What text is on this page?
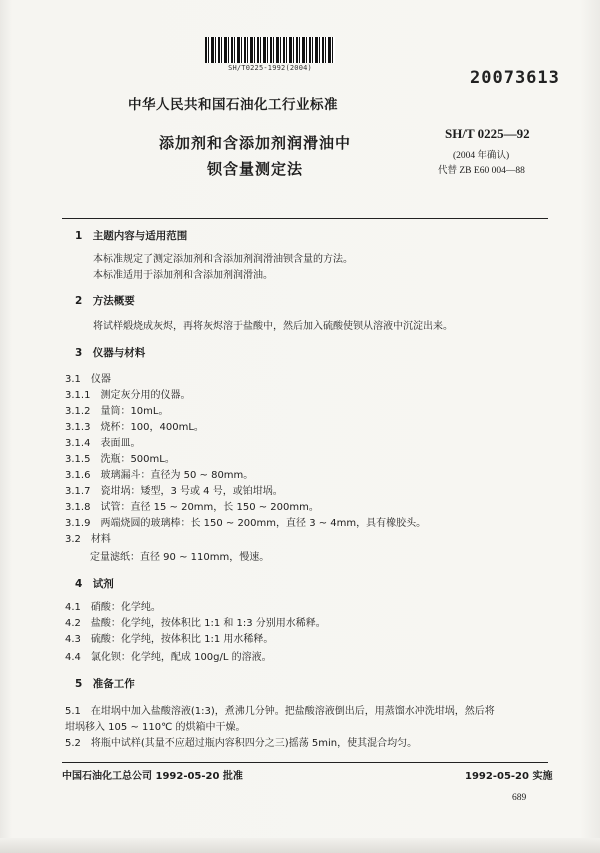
SH/T0225-1992(2004)	20073613
中华人民共和国石油化工行业标准
添加剂和含添加剂润滑油中
钡含量测定法
SH/T 0225—92
(2004 年确认)
代替 ZB E60 004—88
1　主题内容与适用范围
本标准规定了测定添加剂和含添加剂润滑油钡含量的方法。
本标准适用于添加剂和含添加剂润滑油。
2　方法概要
将试样煅烧成灰烬，再将灰烬溶于盐酸中，然后加入硫酸使钡从溶液中沉淀出来。
3　仪器与材料
3.1　仪器
3.1.1　测定灰分用的仪器。
3.1.2　量筒：10mL。
3.1.3　烧杯：100，400mL。
3.1.4　表面皿。
3.1.5　洗瓶：500mL。
3.1.6　玻璃漏斗：直径为 50 ~ 80mm。
3.1.7　瓷坩埚：矮型，3 号或 4 号，或铂坩埚。
3.1.8　试管：直径 15 ~ 20mm，长 150 ~ 200mm。
3.1.9　两端烧圆的玻璃棒：长 150 ~ 200mm，直径 3 ~ 4mm，具有橡胶头。
3.2　材料
定量滤纸：直径 90 ~ 110mm，慢速。
4　试剂
4.1　硝酸：化学纯。
4.2　盐酸：化学纯，按体积比 1:1 和 1:3 分别用水稀释。
4.3　硫酸：化学纯，按体积比 1:1 用水稀释。
4.4　氯化钡：化学纯，配成 100g/L 的溶液。
5　准备工作
5.1　在坩埚中加入盐酸溶液(1:3)，煮沸几分钟。把盐酸溶液倒出后，用蒸馏水冲洗坩埚，然后将
坩埚移入 105 ~ 110℃ 的烘箱中干燥。
5.2　将瓶中试样(其量不应超过瓶内容积四分之三)摇荡 5min，使其混合均匀。
中国石油化工总公司 1992-05-20 批准	1992-05-20 实施
689
